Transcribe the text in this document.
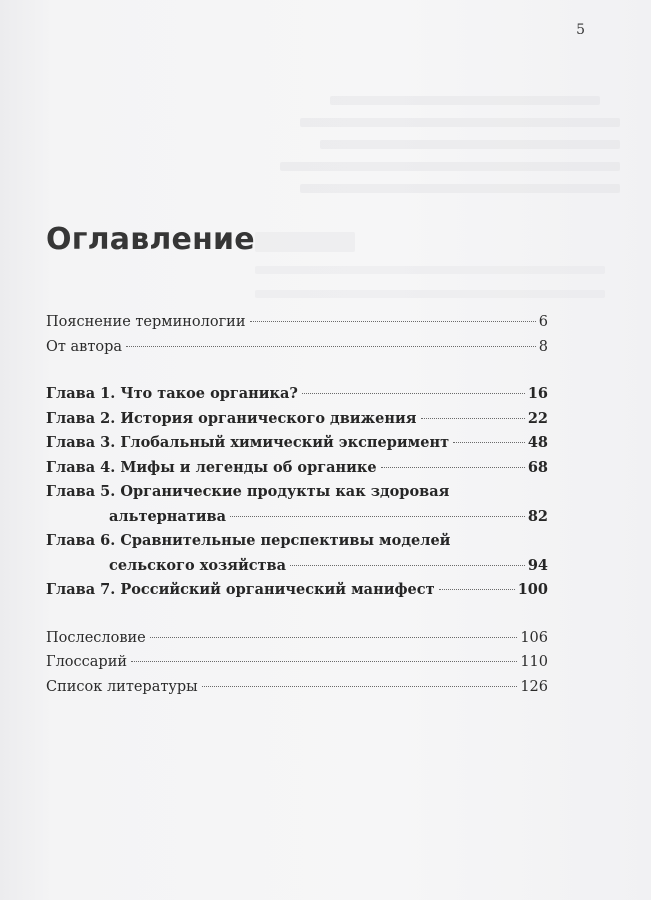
5
Оглавление
Пояснение терминологии	6
От автора	8
Глава 1. Что такое органика?	16
Глава 2. История органического движения	22
Глава 3. Глобальный химический эксперимент	48
Глава 4. Мифы и легенды об органике	68
Глава 5. Органические продукты как здоровая
альтернатива	82
Глава 6. Сравнительные перспективы моделей
сельского хозяйства	94
Глава 7. Российский органический манифест	100
Послесловие	106
Глоссарий	110
Список литературы	126
